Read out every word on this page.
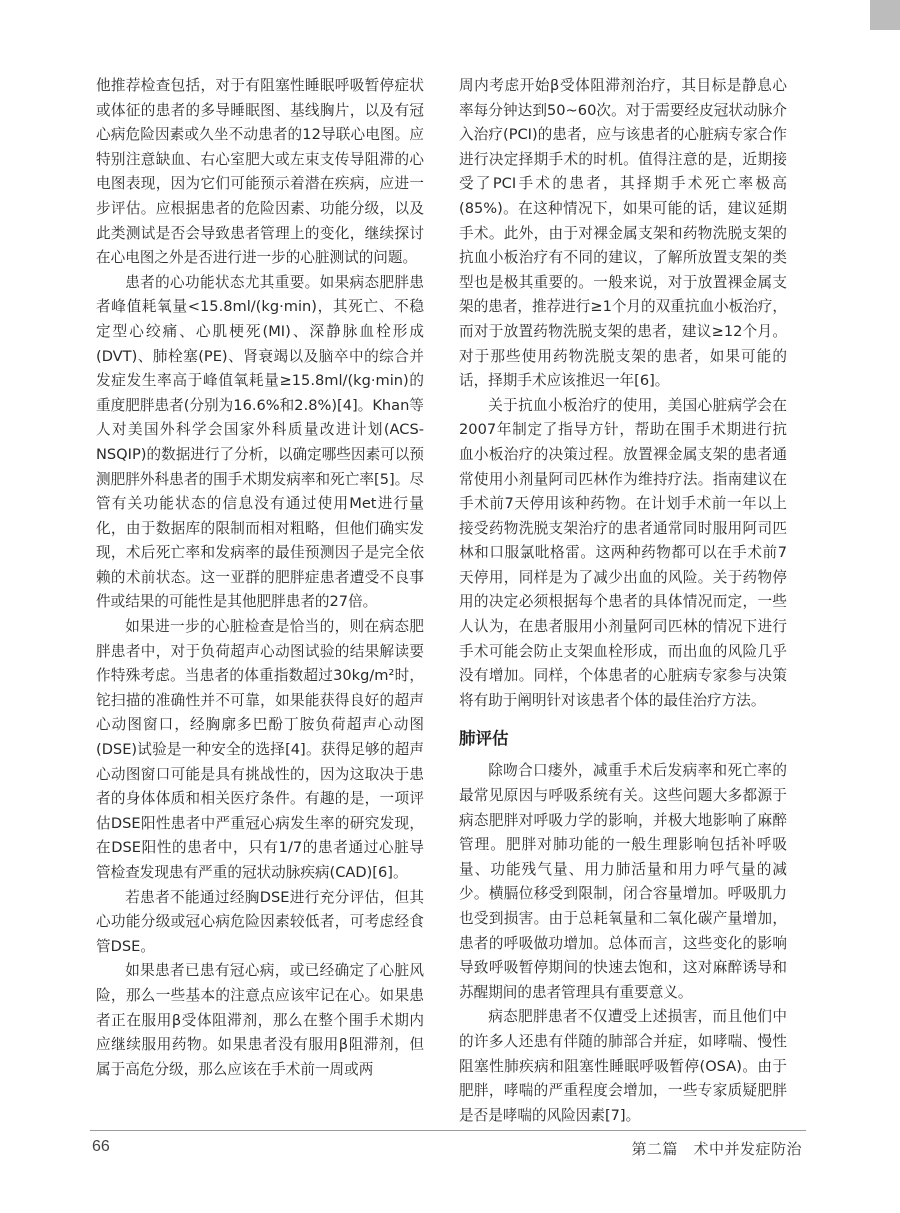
他推荐检查包括，对于有阻塞性睡眠呼吸暂停症状或体征的患者的多导睡眠图、基线胸片，以及有冠心病危险因素或久坐不动患者的12导联心电图。应特别注意缺血、右心室肥大或左束支传导阻滞的心电图表现，因为它们可能预示着潜在疾病，应进一步评估。应根据患者的危险因素、功能分级，以及此类测试是否会导致患者管理上的变化，继续探讨在心电图之外是否进行进一步的心脏测试的问题。

患者的心功能状态尤其重要。如果病态肥胖患者峰值耗氧量<15.8ml/(kg·min)，其死亡、不稳定型心绞痛、心肌梗死(MI)、深静脉血栓形成(DVT)、肺栓塞(PE)、肾衰竭以及脑卒中的综合并发症发生率高于峰值氧耗量≥15.8ml/(kg·min)的重度肥胖患者(分别为16.6%和2.8%)[4]。Khan等人对美国外科学会国家外科质量改进计划(ACS-NSQIP)的数据进行了分析，以确定哪些因素可以预测肥胖外科患者的围手术期发病率和死亡率[5]。尽管有关功能状态的信息没有通过使用Met进行量化，由于数据库的限制而相对粗略，但他们确实发现，术后死亡率和发病率的最佳预测因子是完全依赖的术前状态。这一亚群的肥胖症患者遭受不良事件或结果的可能性是其他肥胖患者的27倍。

如果进一步的心脏检查是恰当的，则在病态肥胖患者中，对于负荷超声心动图试验的结果解读要作特殊考虑。当患者的体重指数超过30kg/m²时，铊扫描的准确性并不可靠，如果能获得良好的超声心动图窗口，经胸廓多巴酚丁胺负荷超声心动图(DSE)试验是一种安全的选择[4]。获得足够的超声心动图窗口可能是具有挑战性的，因为这取决于患者的身体体质和相关医疗条件。有趣的是，一项评估DSE阳性患者中严重冠心病发生率的研究发现，在DSE阳性的患者中，只有1/7的患者通过心脏导管检查发现患有严重的冠状动脉疾病(CAD)[6]。

若患者不能通过经胸DSE进行充分评估，但其心功能分级或冠心病危险因素较低者，可考虑经食管DSE。

如果患者已患有冠心病，或已经确定了心脏风险，那么一些基本的注意点应该牢记在心。如果患者正在服用β受体阻滞剂，那么在整个围手术期内应继续服用药物。如果患者没有服用β阻滞剂，但属于高危分级，那么应该在手术前一周或两

周内考虑开始β受体阻滞剂治疗，其目标是静息心率每分钟达到50~60次。对于需要经皮冠状动脉介入治疗(PCI)的患者，应与该患者的心脏病专家合作进行决定择期手术的时机。值得注意的是，近期接受了PCI手术的患者，其择期手术死亡率极高(85%)。在这种情况下，如果可能的话，建议延期手术。此外，由于对裸金属支架和药物洗脱支架的抗血小板治疗有不同的建议，了解所放置支架的类型也是极其重要的。一般来说，对于放置裸金属支架的患者，推荐进行≥1个月的双重抗血小板治疗，而对于放置药物洗脱支架的患者，建议≥12个月。对于那些使用药物洗脱支架的患者，如果可能的话，择期手术应该推迟一年[6]。

关于抗血小板治疗的使用，美国心脏病学会在2007年制定了指导方针，帮助在围手术期进行抗血小板治疗的决策过程。放置裸金属支架的患者通常使用小剂量阿司匹林作为维持疗法。指南建议在手术前7天停用该种药物。在计划手术前一年以上接受药物洗脱支架治疗的患者通常同时服用阿司匹林和口服氯吡格雷。这两种药物都可以在手术前7天停用，同样是为了减少出血的风险。关于药物停用的决定必须根据每个患者的具体情况而定，一些人认为，在患者服用小剂量阿司匹林的情况下进行手术可能会防止支架血栓形成，而出血的风险几乎没有增加。同样，个体患者的心脏病专家参与决策将有助于阐明针对该患者个体的最佳治疗方法。

肺评估

除吻合口瘘外，减重手术后发病率和死亡率的最常见原因与呼吸系统有关。这些问题大多都源于病态肥胖对呼吸力学的影响，并极大地影响了麻醉管理。肥胖对肺功能的一般生理影响包括补呼吸量、功能残气量、用力肺活量和用力呼气量的减少。横膈位移受到限制，闭合容量增加。呼吸肌力也受到损害。由于总耗氧量和二氧化碳产量增加，患者的呼吸做功增加。总体而言，这些变化的影响导致呼吸暂停期间的快速去饱和，这对麻醉诱导和苏醒期间的患者管理具有重要意义。

病态肥胖患者不仅遭受上述损害，而且他们中的许多人还患有伴随的肺部合并症，如哮喘、慢性阻塞性肺疾病和阻塞性睡眠呼吸暂停(OSA)。由于肥胖，哮喘的严重程度会增加，一些专家质疑肥胖是否是哮喘的风险因素[7]。

66	第二篇　术中并发症防治
